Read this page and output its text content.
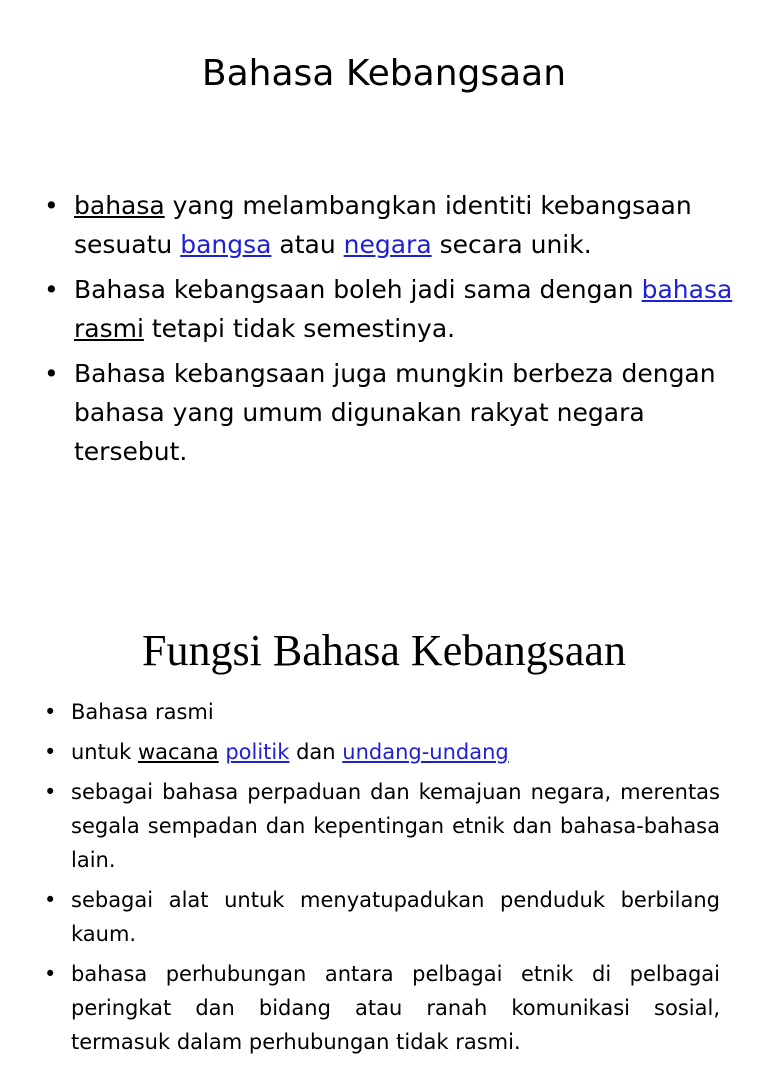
Bahasa Kebangsaan
• bahasa yang melambangkan identiti kebangsaan sesuatu bangsa atau negara secara unik.
• Bahasa kebangsaan boleh jadi sama dengan bahasa rasmi tetapi tidak semestinya.
• Bahasa kebangsaan juga mungkin berbeza dengan bahasa yang umum digunakan rakyat negara tersebut.
Fungsi Bahasa Kebangsaan
• Bahasa rasmi
• untuk wacana politik dan undang-undang
• sebagai bahasa perpaduan dan kemajuan negara, merentas segala sempadan dan kepentingan etnik dan bahasa-bahasa lain.
• sebagai alat untuk menyatupadukan penduduk berbilang kaum.
• bahasa perhubungan antara pelbagai etnik di pelbagai peringkat dan bidang atau ranah komunikasi sosial, termasuk dalam perhubungan tidak rasmi.
